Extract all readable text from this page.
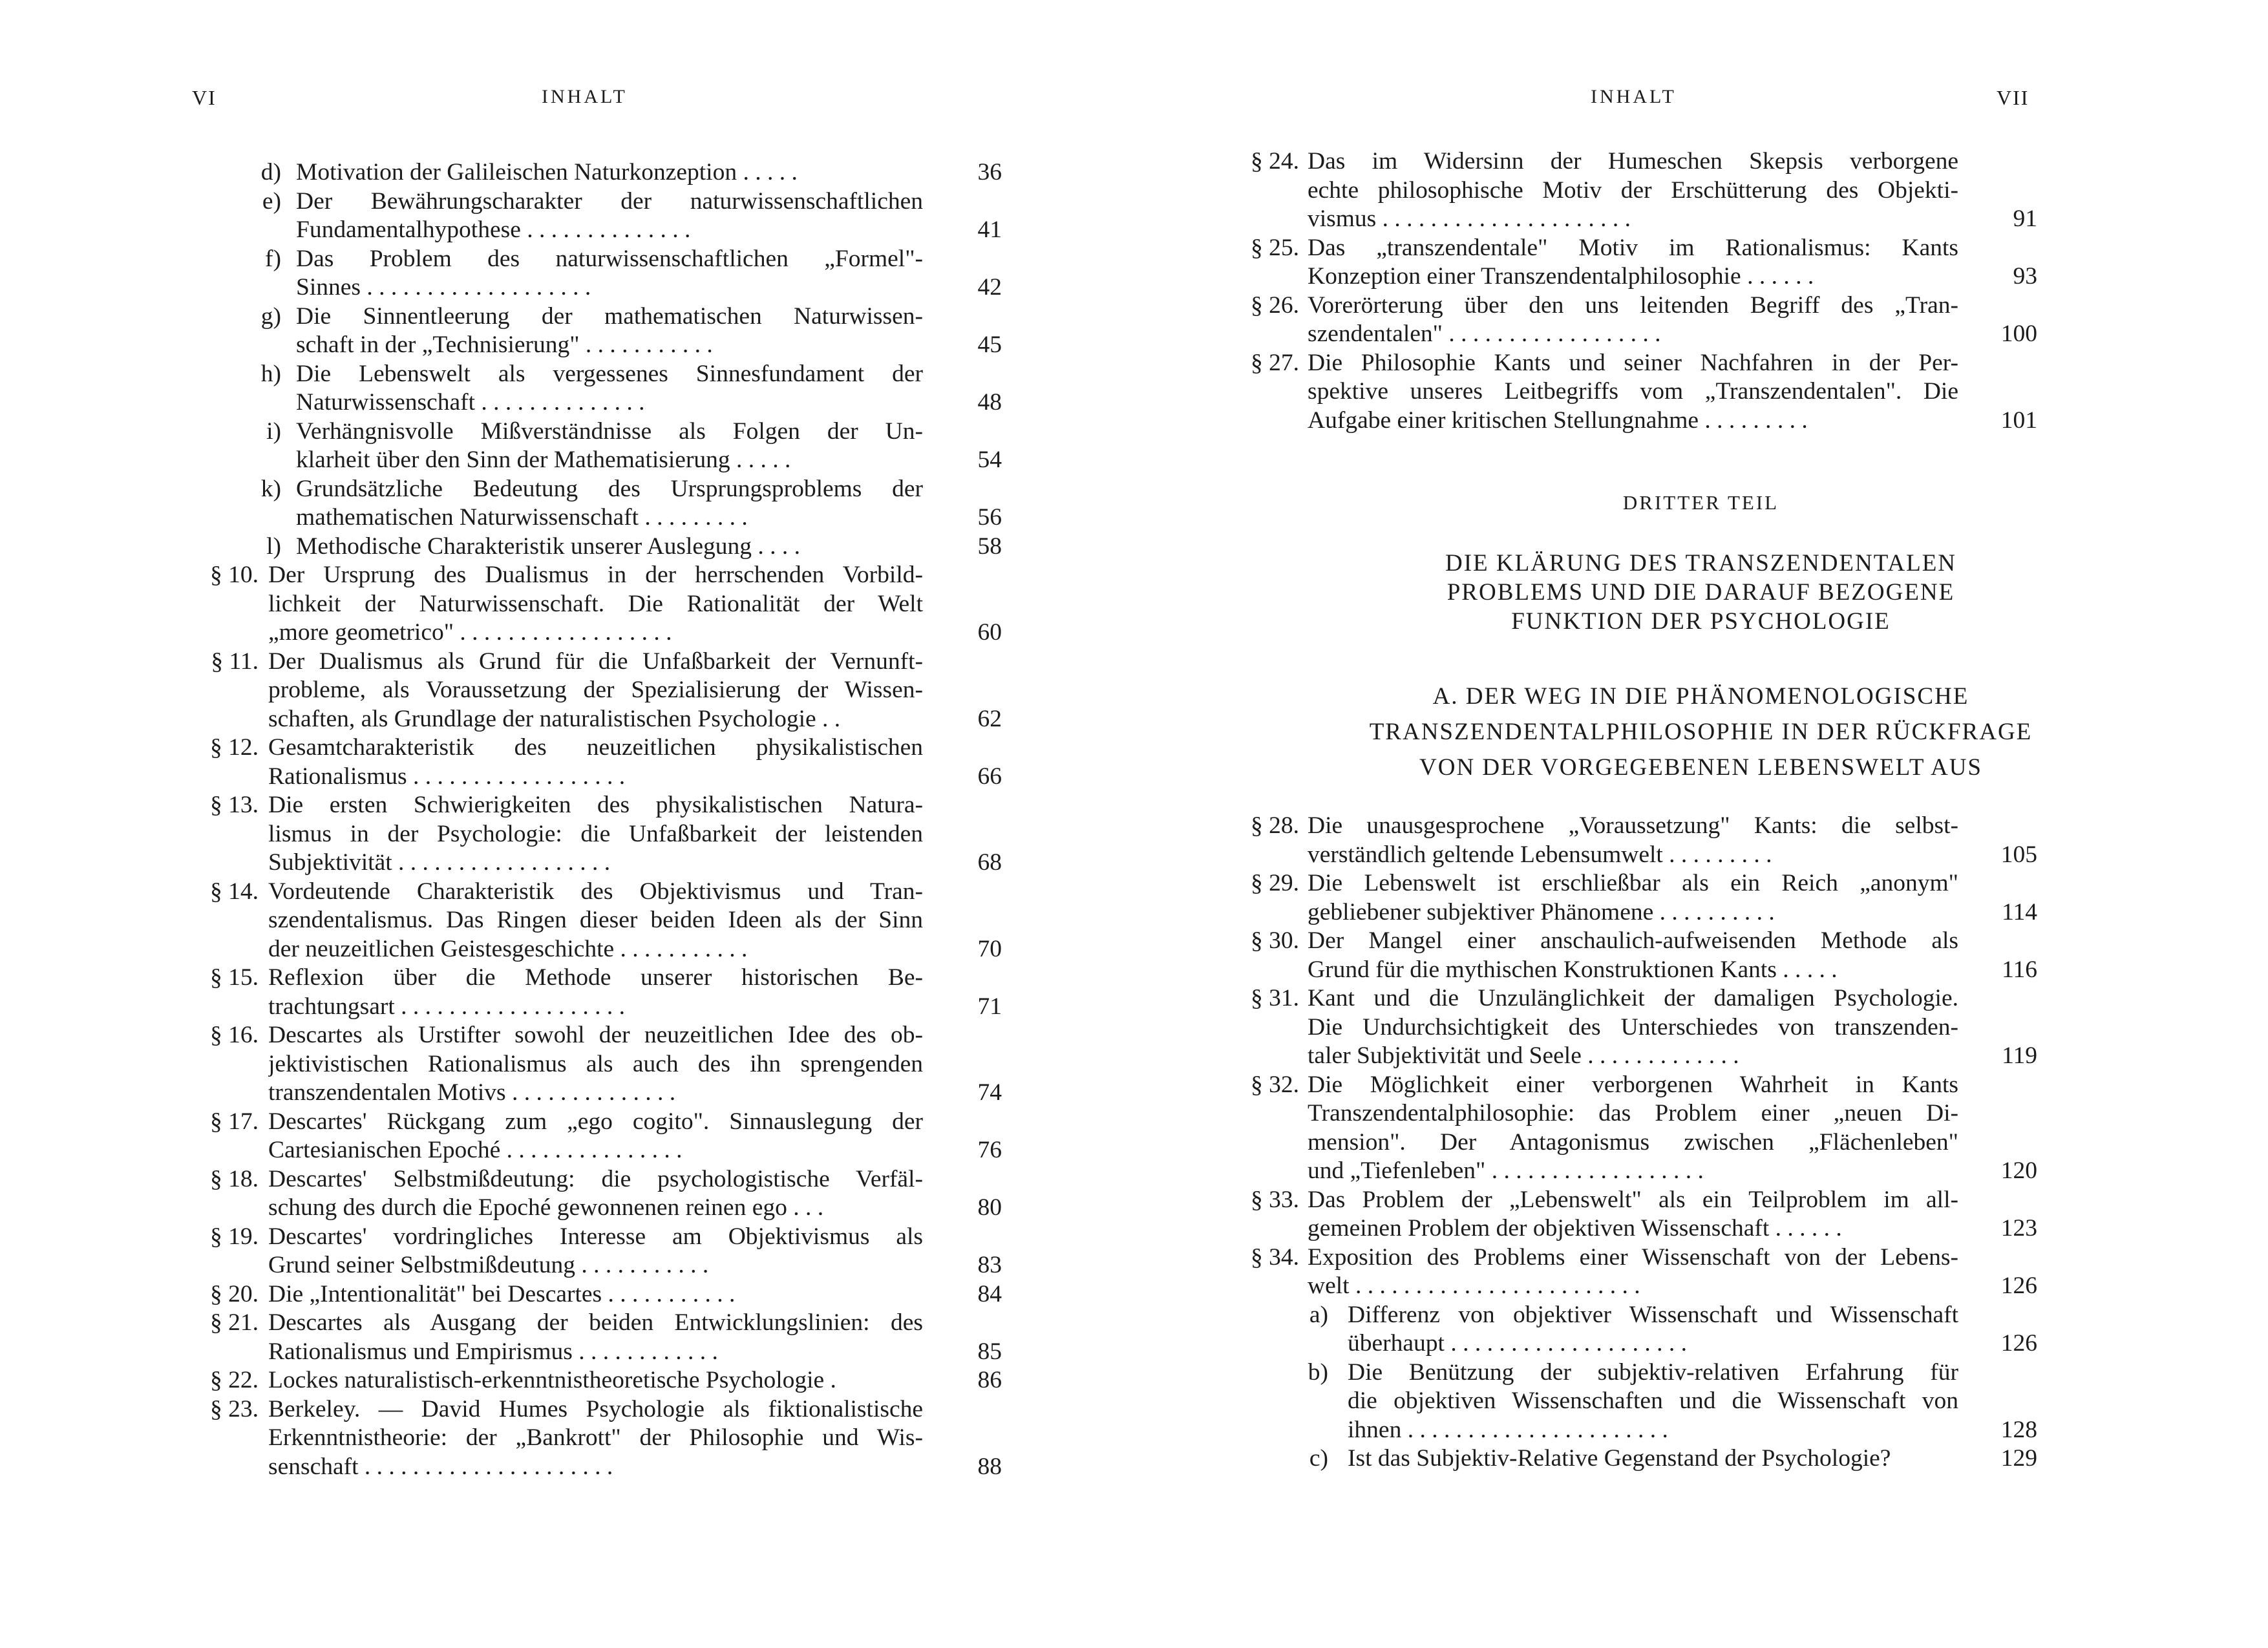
VI	INHALT
d) Motivation der Galileischen Naturkonzeption . . . . .	36
e) Der Bewährungscharakter der naturwissenschaftlichen
Fundamentalhypothese . . . . . . . . . . . . . .	41
f) Das Problem des naturwissenschaftlichen „Formel"-
Sinnes . . . . . . . . . . . . . . . . . . .	42
g) Die Sinnentleerung der mathematischen Naturwissen-
schaft in der „Technisierung" . . . . . . . . . . .	45
h) Die Lebenswelt als vergessenes Sinnesfundament der
Naturwissenschaft . . . . . . . . . . . . . .	48
i) Verhängnisvolle Mißverständnisse als Folgen der Un-
klarheit über den Sinn der Mathematisierung . . . . .	54
k) Grundsätzliche Bedeutung des Ursprungsproblems der
mathematischen Naturwissenschaft . . . . . . . . .	56
l) Methodische Charakteristik unserer Auslegung . . . .	58
§ 10. Der Ursprung des Dualismus in der herrschenden Vorbild-
lichkeit der Naturwissenschaft. Die Rationalität der Welt
„more geometrico" . . . . . . . . . . . . . . . . . .	60
§ 11. Der Dualismus als Grund für die Unfaßbarkeit der Vernunft-
probleme, als Voraussetzung der Spezialisierung der Wissen-
schaften, als Grundlage der naturalistischen Psychologie . .	62
§ 12. Gesamtcharakteristik des neuzeitlichen physikalistischen
Rationalismus . . . . . . . . . . . . . . . . . .	66
§ 13. Die ersten Schwierigkeiten des physikalistischen Natura-
lismus in der Psychologie: die Unfaßbarkeit der leistenden
Subjektivität . . . . . . . . . . . . . . . . . .	68
§ 14. Vordeutende Charakteristik des Objektivismus und Tran-
szendentalismus. Das Ringen dieser beiden Ideen als der Sinn
der neuzeitlichen Geistesgeschichte . . . . . . . . . . .	70
§ 15. Reflexion über die Methode unserer historischen Be-
trachtungsart . . . . . . . . . . . . . . . . . . .	71
§ 16. Descartes als Urstifter sowohl der neuzeitlichen Idee des ob-
jektivistischen Rationalismus als auch des ihn sprengenden
transzendentalen Motivs . . . . . . . . . . . . . .	74
§ 17. Descartes' Rückgang zum „ego cogito". Sinnauslegung der
Cartesianischen Epoché . . . . . . . . . . . . . . .	76
§ 18. Descartes' Selbstmißdeutung: die psychologistische Verfäl-
schung des durch die Epoché gewonnenen reinen ego . . .	80
§ 19. Descartes' vordringliches Interesse am Objektivismus als
Grund seiner Selbstmißdeutung . . . . . . . . . . .	83
§ 20. Die „Intentionalität" bei Descartes . . . . . . . . . . .	84
§ 21. Descartes als Ausgang der beiden Entwicklungslinien: des
Rationalismus und Empirismus . . . . . . . . . . . .	85
§ 22. Lockes naturalistisch-erkenntnistheoretische Psychologie .	86
§ 23. Berkeley. — David Humes Psychologie als fiktionalistische
Erkenntnistheorie: der „Bankrott" der Philosophie und Wis-
senschaft . . . . . . . . . . . . . . . . . . . . .	88
INHALT	VII
§ 24. Das im Widersinn der Humeschen Skepsis verborgene
echte philosophische Motiv der Erschütterung des Objekti-
vismus . . . . . . . . . . . . . . . . . . . . .	91
§ 25. Das „transzendentale" Motiv im Rationalismus: Kants
Konzeption einer Transzendentalphilosophie . . . . . .	93
§ 26. Vorerörterung über den uns leitenden Begriff des „Tran-
szendentalen" . . . . . . . . . . . . . . . . . .	100
§ 27. Die Philosophie Kants und seiner Nachfahren in der Per-
spektive unseres Leitbegriffs vom „Transzendentalen". Die
Aufgabe einer kritischen Stellungnahme . . . . . . . . .	101
DRITTER TEIL
DIE KLÄRUNG DES TRANSZENDENTALEN
PROBLEMS UND DIE DARAUF BEZOGENE
FUNKTION DER PSYCHOLOGIE
A. DER WEG IN DIE PHÄNOMENOLOGISCHE
TRANSZENDENTALPHILOSOPHIE IN DER RÜCKFRAGE
VON DER VORGEGEBENEN LEBENSWELT AUS
§ 28. Die unausgesprochene „Voraussetzung" Kants: die selbst-
verständlich geltende Lebensumwelt . . . . . . . . .	105
§ 29. Die Lebenswelt ist erschließbar als ein Reich „anonym"
gebliebener subjektiver Phänomene . . . . . . . . . .	114
§ 30. Der Mangel einer anschaulich-aufweisenden Methode als
Grund für die mythischen Konstruktionen Kants . . . . .	116
§ 31. Kant und die Unzulänglichkeit der damaligen Psychologie.
Die Undurchsichtigkeit des Unterschiedes von transzenden-
taler Subjektivität und Seele . . . . . . . . . . . . .	119
§ 32. Die Möglichkeit einer verborgenen Wahrheit in Kants
Transzendentalphilosophie: das Problem einer „neuen Di-
mension". Der Antagonismus zwischen „Flächenleben"
und „Tiefenleben" . . . . . . . . . . . . . . . . . .	120
§ 33. Das Problem der „Lebenswelt" als ein Teilproblem im all-
gemeinen Problem der objektiven Wissenschaft . . . . . .	123
§ 34. Exposition des Problems einer Wissenschaft von der Lebens-
welt . . . . . . . . . . . . . . . . . . . . . . . .	126
a) Differenz von objektiver Wissenschaft und Wissenschaft
überhaupt . . . . . . . . . . . . . . . . . . . .	126
b) Die Benützung der subjektiv-relativen Erfahrung für
die objektiven Wissenschaften und die Wissenschaft von
ihnen . . . . . . . . . . . . . . . . . . . . . .	128
c) Ist das Subjektiv-Relative Gegenstand der Psychologie?	129
